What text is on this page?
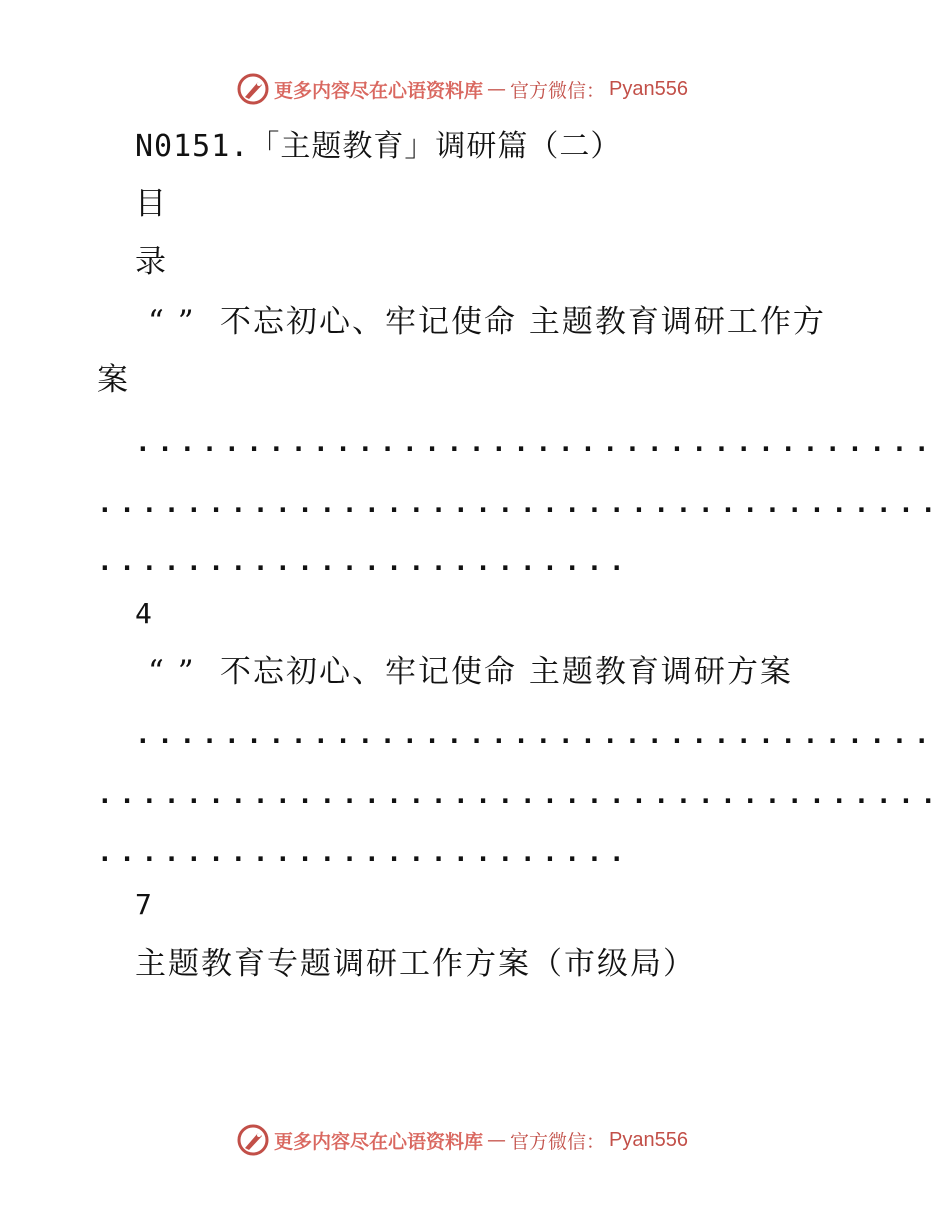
更多内容尽在心语资料库 — 官方微信： Pyan556
N0151.「主题教育」调研篇（二）
目
录
“ ” 不忘初心、牢记使命 主题教育调研工作方
案
....................................
......................................
........................
4
“ ” 不忘初心、牢记使命 主题教育调研方案
....................................
......................................
........................
7
主题教育专题调研工作方案（市级局）
更多内容尽在心语资料库 — 官方微信： Pyan556
